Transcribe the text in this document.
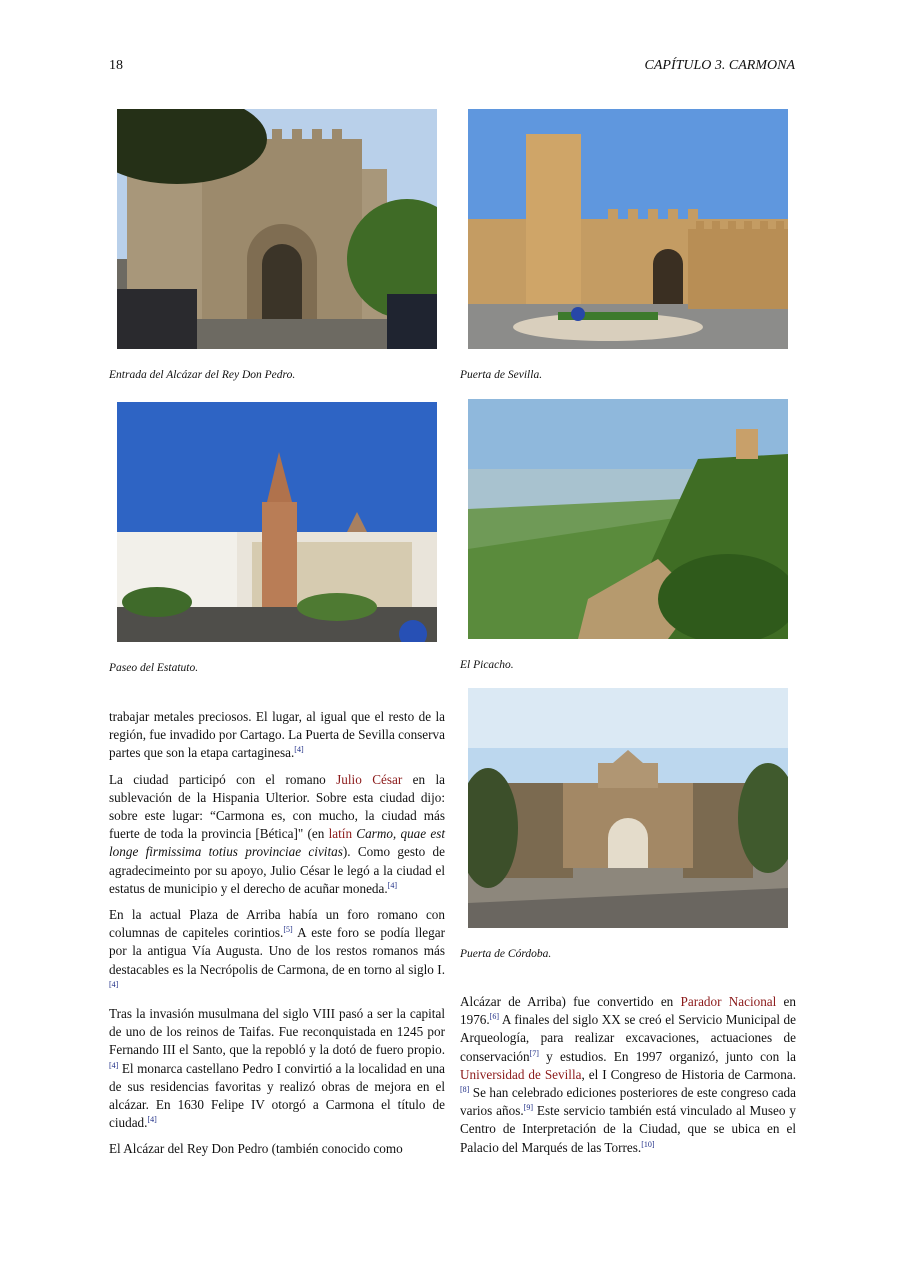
18	CAPÍTULO 3. CARMONA
Entrada del Alcázar del Rey Don Pedro.	Puerta de Sevilla.
Paseo del Estatuto.	El Picacho.
Puerta de Córdoba.

trabajar metales preciosos. El lugar, al igual que el resto de la región, fue invadido por Cartago. La Puerta de Sevilla conserva partes que son la etapa cartaginesa.[4]

La ciudad participó con el romano Julio César en la sublevación de la Hispania Ulterior. Sobre esta ciudad dijo: sobre este lugar: “Carmona es, con mucho, la ciudad más fuerte de toda la provincia [Bética]" (en latín Carmo, quae est longe firmissima totius provinciae civitas). Como gesto de agradecimeinto por su apoyo, Julio César le legó a la ciudad el estatus de municipio y el derecho de acuñar moneda.[4]

En la actual Plaza de Arriba había un foro romano con columnas de capiteles corintios.[5] A este foro se podía llegar por la antigua Vía Augusta. Uno de los restos romanos más destacables es la Necrópolis de Carmona, de en torno al siglo I.[4]

Tras la invasión musulmana del siglo VIII pasó a ser la capital de uno de los reinos de Taifas. Fue reconquistada en 1245 por Fernando III el Santo, que la repobló y la dotó de fuero propio.[4] El monarca castellano Pedro I convirtió a la localidad en una de sus residencias favoritas y realizó obras de mejora en el alcázar. En 1630 Felipe IV otorgó a Carmona el título de ciudad.[4]

El Alcázar del Rey Don Pedro (también conocido como

Alcázar de Arriba) fue convertido en Parador Nacional en 1976.[6] A finales del siglo XX se creó el Servicio Municipal de Arqueología, para realizar excavaciones, actuaciones de conservación[7] y estudios. En 1997 organizó, junto con la Universidad de Sevilla, el I Congreso de Historia de Carmona.[8] Se han celebrado ediciones posteriores de este congreso cada varios años.[9] Este servicio también está vinculado al Museo y Centro de Interpretación de la Ciudad, que se ubica en el Palacio del Marqués de las Torres.[10]
